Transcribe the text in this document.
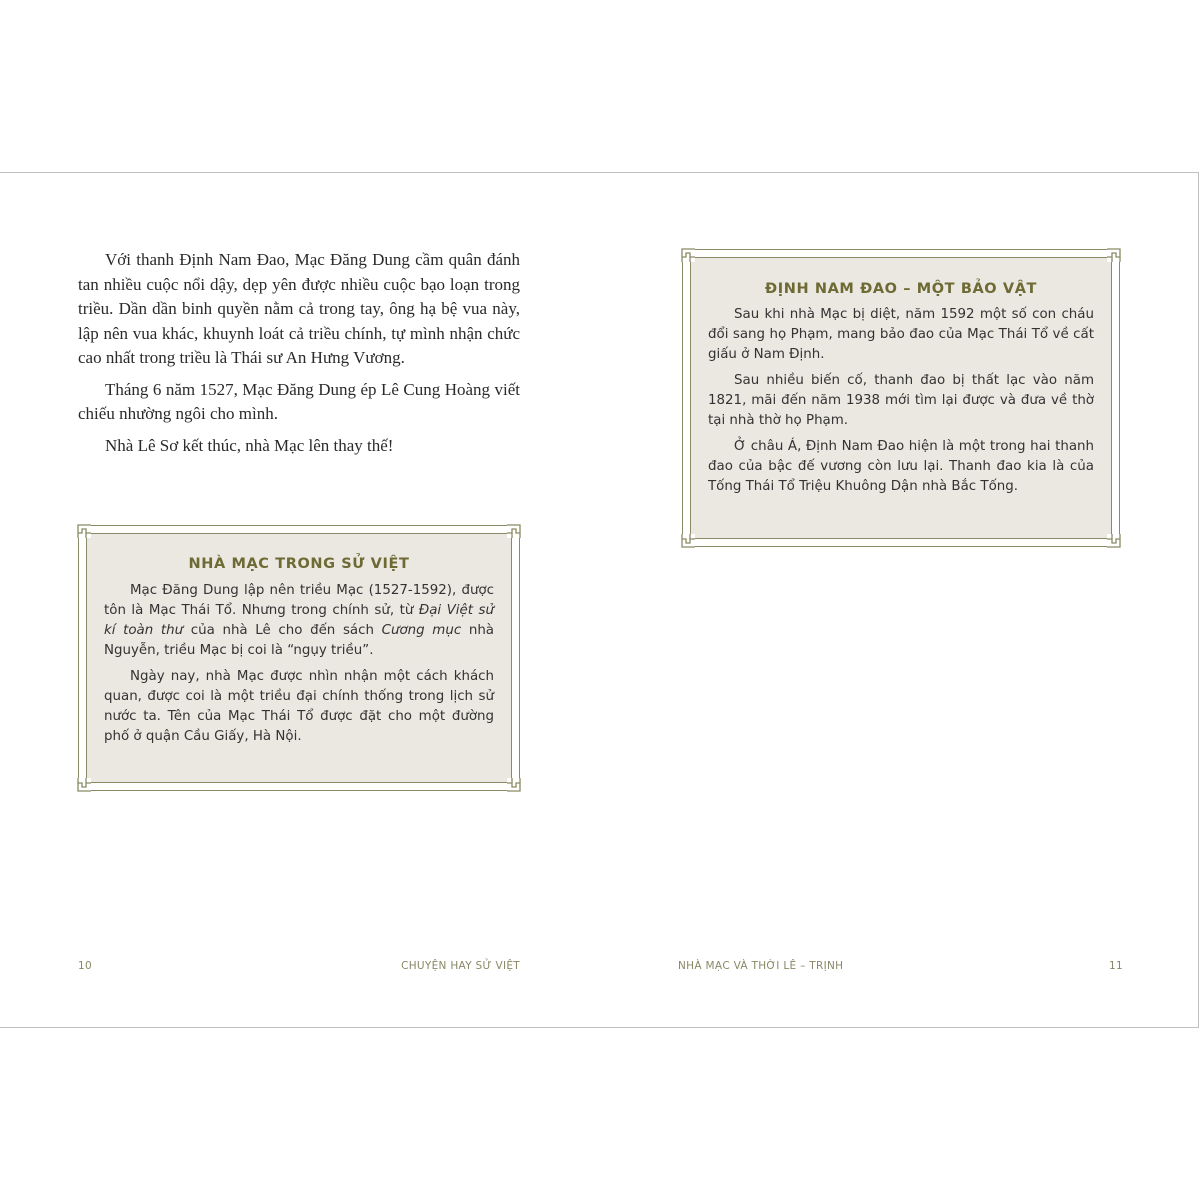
Với thanh Định Nam Đao, Mạc Đăng Dung cầm quân đánh tan nhiều cuộc nổi dậy, dẹp yên được nhiều cuộc bạo loạn trong triều. Dần dần binh quyền nằm cả trong tay, ông hạ bệ vua này, lập nên vua khác, khuynh loát cả triều chính, tự mình nhận chức cao nhất trong triều là Thái sư An Hưng Vương.

Tháng 6 năm 1527, Mạc Đăng Dung ép Lê Cung Hoàng viết chiếu nhường ngôi cho mình.

Nhà Lê Sơ kết thúc, nhà Mạc lên thay thế!

NHÀ MẠC TRONG SỬ VIỆT

Mạc Đăng Dung lập nên triều Mạc (1527-1592), được tôn là Mạc Thái Tổ. Nhưng trong chính sử, từ Đại Việt sử kí toàn thư của nhà Lê cho đến sách Cương mục nhà Nguyễn, triều Mạc bị coi là “ngụy triều”.

Ngày nay, nhà Mạc được nhìn nhận một cách khách quan, được coi là một triều đại chính thống trong lịch sử nước ta. Tên của Mạc Thái Tổ được đặt cho một đường phố ở quận Cầu Giấy, Hà Nội.

10	CHUYỆN HAY SỬ VIỆT
ĐỊNH NAM ĐAO – MỘT BẢO VẬT

Sau khi nhà Mạc bị diệt, năm 1592 một số con cháu đổi sang họ Phạm, mang bảo đao của Mạc Thái Tổ về cất giấu ở Nam Định.

Sau nhiều biến cố, thanh đao bị thất lạc vào năm 1821, mãi đến năm 1938 mới tìm lại được và đưa về thờ tại nhà thờ họ Phạm.

Ở châu Á, Định Nam Đao hiện là một trong hai thanh đao của bậc đế vương còn lưu lại. Thanh đao kia là của Tống Thái Tổ Triệu Khuông Dận nhà Bắc Tống.

NHÀ MẠC VÀ THỜI LÊ – TRỊNH	11
